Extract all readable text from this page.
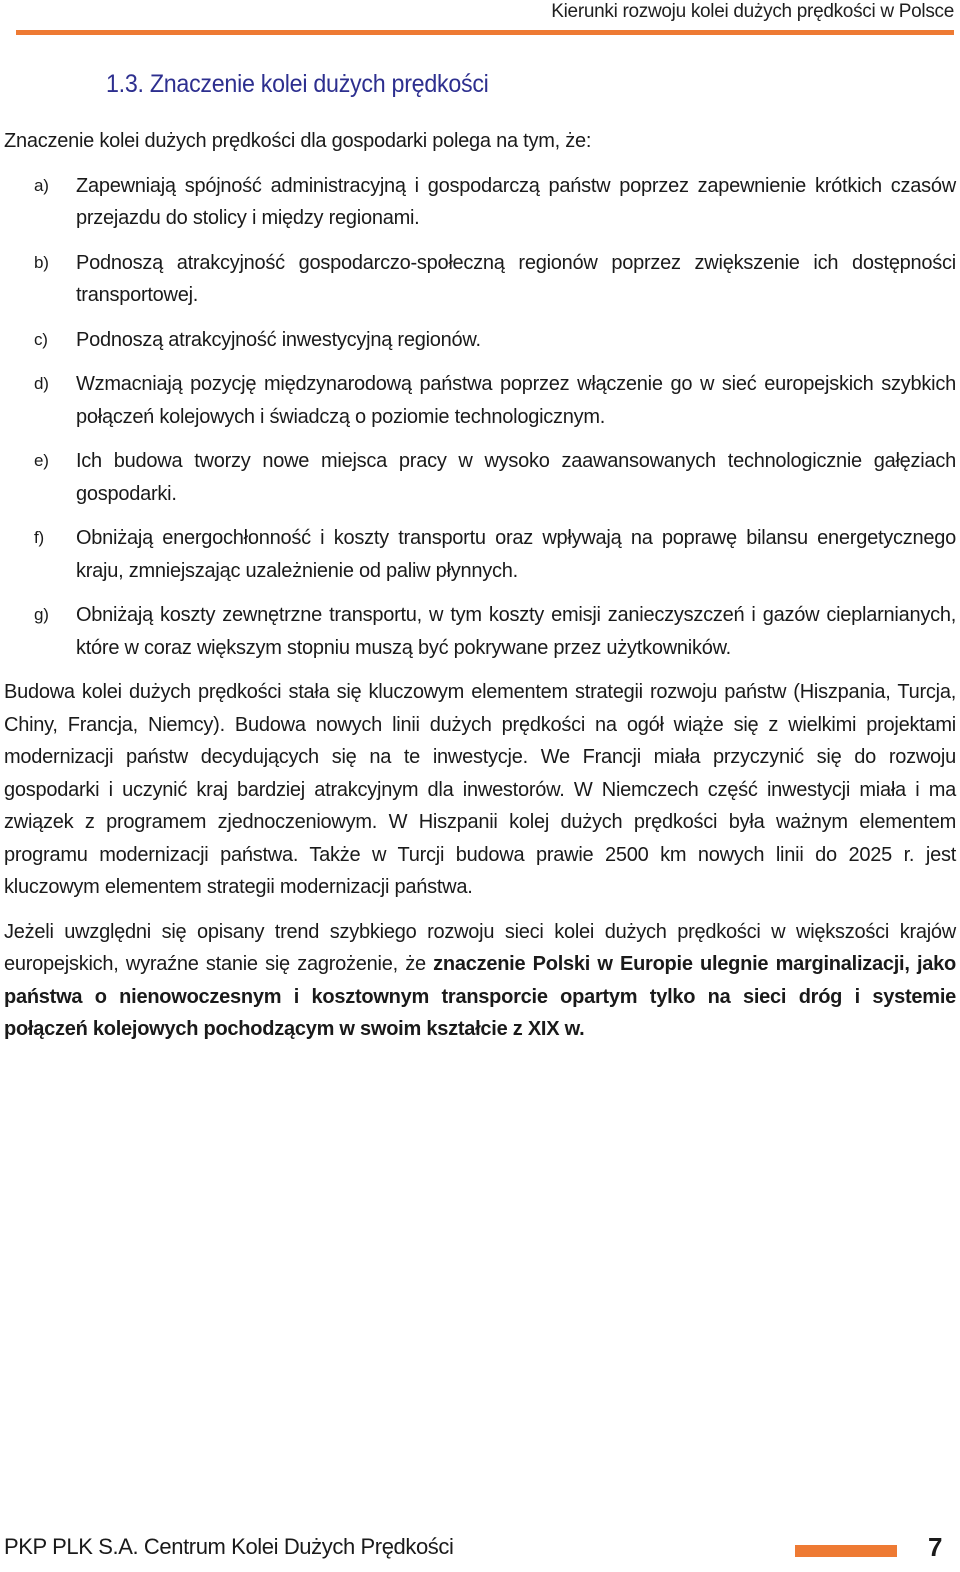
Kierunki rozwoju kolei dużych prędkości w Polsce
1.3. Znaczenie kolei dużych prędkości

Znaczenie kolei dużych prędkości dla gospodarki polega na tym, że:

a) Zapewniają spójność administracyjną i gospodarczą państw poprzez zapewnienie krótkich czasów przejazdu do stolicy i między regionami.
b) Podnoszą atrakcyjność gospodarczo-społeczną regionów poprzez zwiększenie ich dostępności transportowej.
c) Podnoszą atrakcyjność inwestycyjną regionów.
d) Wzmacniają pozycję międzynarodową państwa poprzez włączenie go w sieć europejskich szybkich połączeń kolejowych i świadczą o poziomie technologicznym.
e) Ich budowa tworzy nowe miejsca pracy w wysoko zaawansowanych technologicznie gałęziach gospodarki.
f) Obniżają energochłonność i koszty transportu oraz wpływają na poprawę bilansu energetycznego kraju, zmniejszając uzależnienie od paliw płynnych.
g) Obniżają koszty zewnętrzne transportu, w tym koszty emisji zanieczyszczeń i gazów cieplarnianych, które w coraz większym stopniu muszą być pokrywane przez użytkowników.

Budowa kolei dużych prędkości stała się kluczowym elementem strategii rozwoju państw (Hiszpania, Turcja, Chiny, Francja, Niemcy). Budowa nowych linii dużych prędkości na ogół wiąże się z wielkimi projektami modernizacji państw decydujących się na te inwestycje. We Francji miała przyczynić się do rozwoju gospodarki i uczynić kraj bardziej atrakcyjnym dla inwestorów. W Niemczech część inwestycji miała i ma związek z programem zjednoczeniowym. W Hiszpanii kolej dużych prędkości była ważnym elementem programu modernizacji państwa. Także w Turcji budowa prawie 2500 km nowych linii do 2025 r. jest kluczowym elementem strategii modernizacji państwa.

Jeżeli uwzględni się opisany trend szybkiego rozwoju sieci kolei dużych prędkości w większości krajów europejskich, wyraźne stanie się zagrożenie, że znaczenie Polski w Europie ulegnie marginalizacji, jako państwa o nienowoczesnym i kosztownym transporcie opartym tylko na sieci dróg i systemie połączeń kolejowych pochodzącym w swoim kształcie z XIX w.

PKP PLK S.A. Centrum Kolei Dużych Prędkości	7
